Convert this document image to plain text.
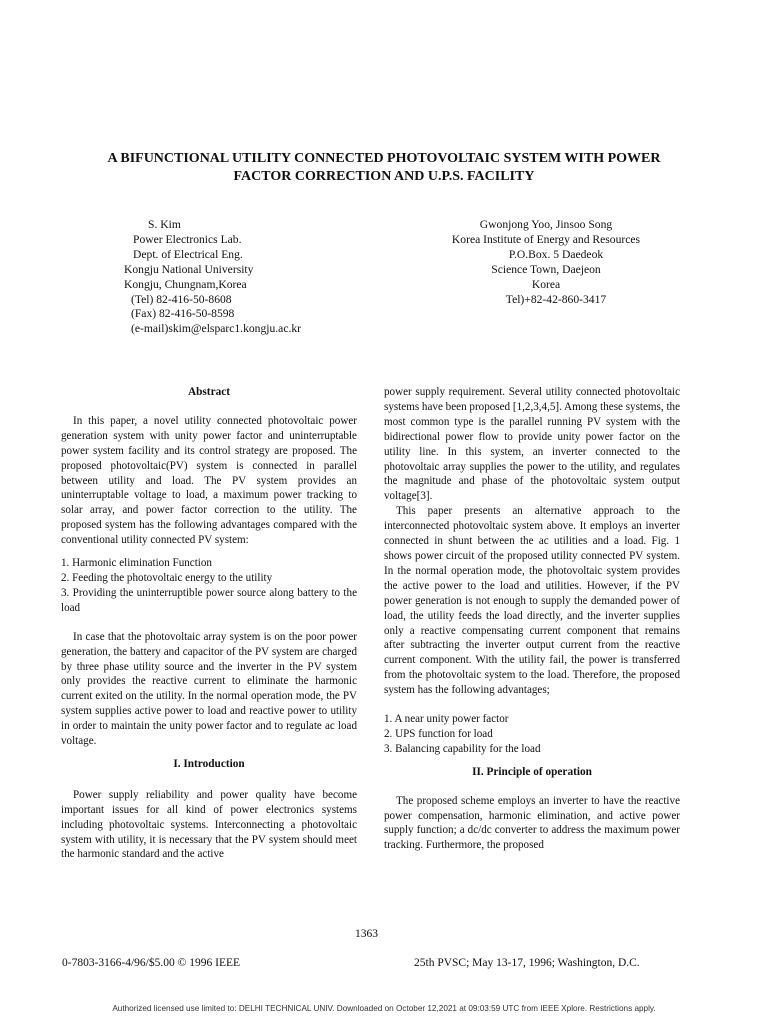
A BIFUNCTIONAL UTILITY CONNECTED PHOTOVOLTAIC SYSTEM WITH POWER
FACTOR CORRECTION AND U.P.S. FACILITY
S. Kim
Power Electronics Lab.
Dept. of Electrical Eng.
Kongju National University
Kongju, Chungnam,Korea
(Tel) 82-416-50-8608
(Fax) 82-416-50-8598
(e-mail)skim@elsparc1.kongju.ac.kr
Gwonjong Yoo, Jinsoo Song
Korea Institute of Energy and Resources
P.O.Box. 5 Daedeok
Science Town, Daejeon
Korea
Tel)+82-42-860-3417

Abstract

In this paper, a novel utility connected photovoltaic power generation system with unity power factor and uninterruptable power system facility and its control strategy are proposed. The proposed photovoltaic(PV) system is connected in parallel between utility and load. The PV system provides an uninterruptable voltage to load, a maximum power tracking to solar array, and power factor correction to the utility. The proposed system has the following advantages compared with the conventional utility connected PV system:

1. Harmonic elimination Function

2. Feeding the photovoltaic energy to the utility

3. Providing the uninterruptible power source along battery to the load

In case that the photovoltaic array system is on the poor power generation, the battery and capacitor of the PV system are charged by three phase utility source and the inverter in the PV system only provides the reactive current to eliminate the harmonic current exited on the utility. In the normal operation mode, the PV system supplies active power to load and reactive power to utility in order to maintain the unity power factor and to regulate ac load voltage.

I. Introduction

Power supply reliability and power quality have become important issues for all kind of power electronics systems including photovoltaic systems. Interconnecting a photovoltaic system with utility, it is necessary that the PV system should meet the harmonic standard and the active

power supply requirement. Several utility connected photovoltaic systems have been proposed [1,2,3,4,5]. Among these systems, the most common type is the parallel running PV system with the bidirectional power flow to provide unity power factor on the utility line. In this system, an inverter connected to the photovoltaic array supplies the power to the utility, and regulates the magnitude and phase of the photovoltaic system output voltage[3].

This paper presents an alternative approach to the interconnected photovoltaic system above. It employs an inverter connected in shunt between the ac utilities and a load. Fig. 1 shows power circuit of the proposed utility connected PV system. In the normal operation mode, the photovoltaic system provides the active power to the load and utilities. However, if the PV power generation is not enough to supply the demanded power of load, the utility feeds the load directly, and the inverter supplies only a reactive compensating current component that remains after subtracting the inverter output current from the reactive current component. With the utility fail, the power is transferred from the photovoltaic system to the load. Therefore, the proposed system has the following advantages;

1. A near unity power factor

2. UPS function for load

3. Balancing capability for the load

II. Principle of operation

The proposed scheme employs an inverter to have the reactive power compensation, harmonic elimination, and active power supply function; a dc/dc converter to address the maximum power tracking. Furthermore, the proposed

1363
0-7803-3166-4/96/$5.00 © 1996 IEEE	25th PVSC; May 13-17, 1996; Washington, D.C.
Authorized licensed use limited to: DELHI TECHNICAL UNIV. Downloaded on October 12,2021 at 09:03:59 UTC from IEEE Xplore. Restrictions apply.
